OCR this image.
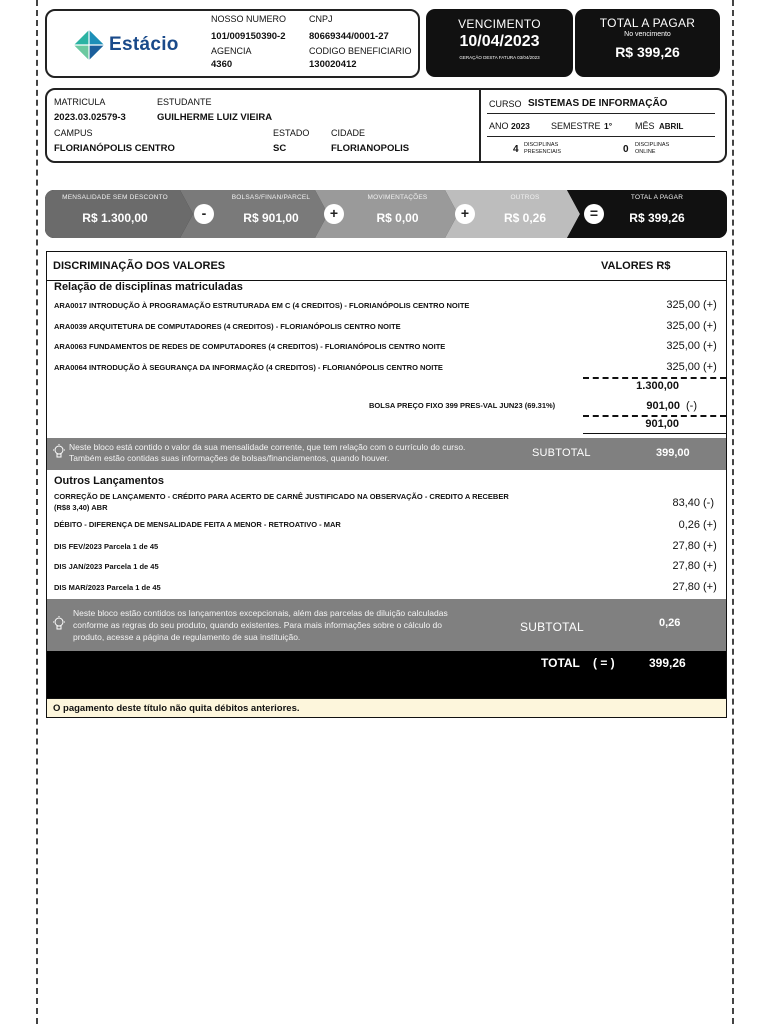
Estácio
NOSSO NUMERO
101/009150390-2
CNPJ
80669344/0001-27
AGENCIA
4360
CODIGO BENEFICIARIO
130020412
VENCIMENTO
10/04/2023
GERAÇÃO DESTA FATURA 03/04/2023
TOTAL A PAGAR
No vencimento
R$ 399,26
MATRICULA
2023.03.02579-3
ESTUDANTE
GUILHERME LUIZ VIEIRA
CAMPUS
FLORIANÓPOLIS CENTRO
ESTADO
SC
CIDADE
FLORIANOPOLIS
CURSO SISTEMAS DE INFORMAÇÃO
ANO 2023 SEMESTRE 1°	MÊS ABRIL
4 DISCIPLINAS
PRESENCIAIS	0 DISCIPLINAS
ONLINE
MENSALIDADE SEM DESCONTO
R$ 1.300,00	-
BOLSAS/FINAN/PARCEL
R$ 901,00	+
MOVIMENTAÇÕES
R$ 0,00	+
OUTROS
R$ 0,26	=
TOTAL A PAGAR
R$ 399,26
DISCRIMINAÇÃO DOS VALORES	VALORES R$
Relação de disciplinas matriculadas
ARA0017 INTRODUÇÃO À PROGRAMAÇÃO ESTRUTURADA EM C (4 CREDITOS) - FLORIANÓPOLIS CENTRO NOITE	325,00 (+)
ARA0039 ARQUITETURA DE COMPUTADORES (4 CREDITOS) - FLORIANÓPOLIS CENTRO NOITE	325,00 (+)
ARA0063 FUNDAMENTOS DE REDES DE COMPUTADORES (4 CREDITOS) - FLORIANÓPOLIS CENTRO NOITE	325,00 (+)
ARA0064 INTRODUÇÃO À SEGURANÇA DA INFORMAÇÃO (4 CREDITOS) - FLORIANÓPOLIS CENTRO NOITE	325,00 (+)
1.300,00
BOLSA PREÇO FIXO 399 PRES-VAL JUN23 (69.31%)	901,00 (-)
901,00
Neste bloco está contido o valor da sua mensalidade corrente, que tem relação com o currículo do curso.
Também estão contidas suas informações de bolsas/financiamentos, quando houver.	SUBTOTAL	399,00
Outros Lançamentos
CORREÇÃO DE LANÇAMENTO - CRÉDITO PARA ACERTO DE CARNÊ JUSTIFICADO NA OBSERVAÇÃO - CREDITO A RECEBER (R$8 3,40) ABR	83,40 (-)
DÉBITO - DIFERENÇA DE MENSALIDADE FEITA A MENOR - RETROATIVO - MAR	0,26 (+)
DIS FEV/2023 Parcela 1 de 45	27,80 (+)
DIS JAN/2023 Parcela 1 de 45	27,80 (+)
DIS MAR/2023 Parcela 1 de 45	27,80 (+)
Neste bloco estão contidos os lançamentos excepcionais, além das parcelas de diluição calculadas
conforme as regras do seu produto, quando existentes. Para mais informações sobre o cálculo do
produto, acesse a página de regulamento de sua instituição.
SUBTOTAL	0,26
TOTAL ( = )	399,26
O pagamento deste título não quita débitos anteriores.
